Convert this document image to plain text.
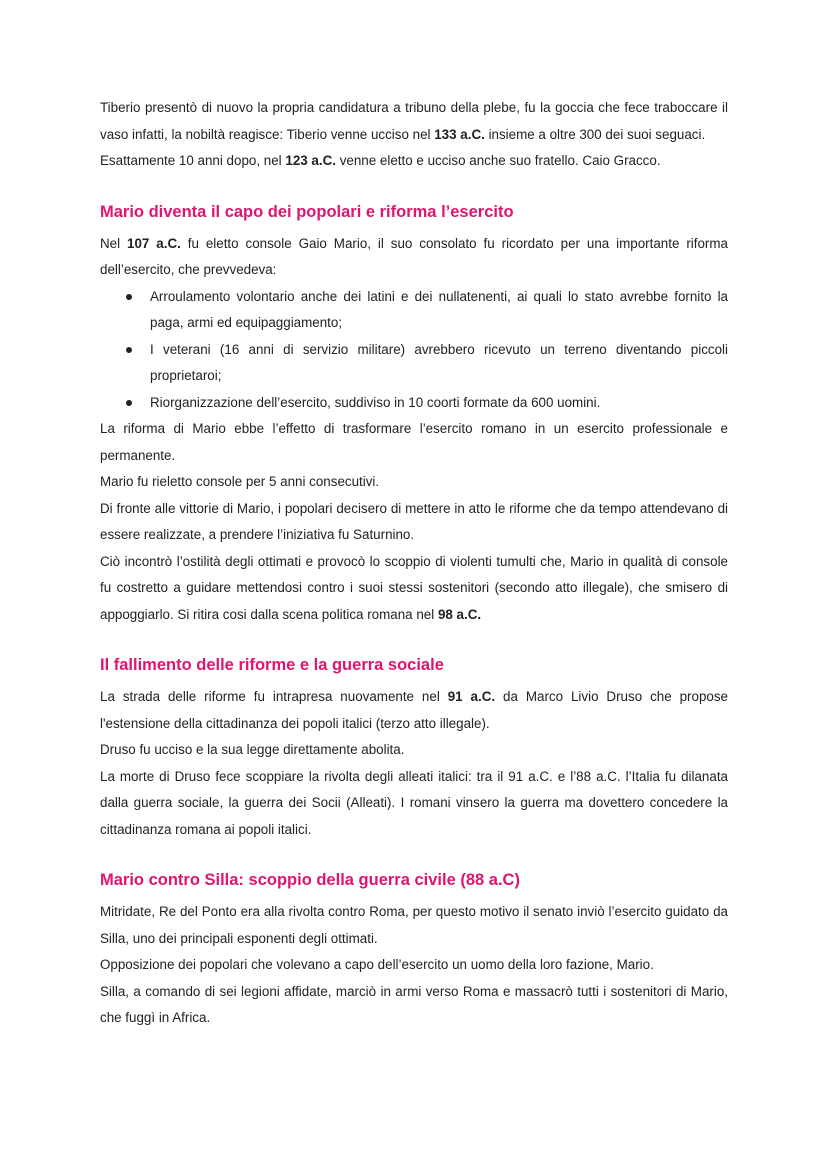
Tiberio presentò di nuovo la propria candidatura a tribuno della plebe, fu la goccia che fece traboccare il vaso infatti, la nobiltà reagisce: Tiberio venne ucciso nel 133 a.C. insieme a oltre 300 dei suoi seguaci.

Esattamente 10 anni dopo, nel 123 a.C. venne eletto e ucciso anche suo fratello. Caio Gracco.

Mario diventa il capo dei popolari e riforma l’esercito

Nel 107 a.C. fu eletto console Gaio Mario, il suo consolato fu ricordato per una importante riforma dell’esercito, che prevvedeva:

Arroulamento volontario anche dei latini e dei nullatenenti, ai quali lo stato avrebbe fornito la paga, armi ed equipaggiamento;
I veterani (16 anni di servizio militare) avrebbero ricevuto un terreno diventando piccoli proprietaroi;
Riorganizzazione dell’esercito, suddiviso in 10 coorti formate da 600 uomini.

La riforma di Mario ebbe l’effetto di trasformare l’esercito romano in un esercito professionale e permanente.

Mario fu rieletto console per 5 anni consecutivi.

Di fronte alle vittorie di Mario, i popolari decisero di mettere in atto le riforme che da tempo attendevano di essere realizzate, a prendere l’iniziativa fu Saturnino.

Ciò incontrò l’ostilità degli ottimati e provocò lo scoppio di violenti tumulti che, Mario in qualità di console fu costretto a guidare mettendosi contro i suoi stessi sostenitori (secondo atto illegale), che smisero di appoggiarlo. Si ritira cosi dalla scena politica romana nel 98 a.C.

Il fallimento delle riforme e la guerra sociale

La strada delle riforme fu intrapresa nuovamente nel 91 a.C. da Marco Livio Druso che propose l'estensione della cittadinanza dei popoli italici (terzo atto illegale).

Druso fu ucciso e la sua legge direttamente abolita.

La morte di Druso fece scoppiare la rivolta degli alleati italici: tra il 91 a.C. e l’88 a.C. l’Italia fu dilanata dalla guerra sociale, la guerra dei Socii (Alleati). I romani vinsero la guerra ma dovettero concedere la cittadinanza romana ai popoli italici.

Mario contro Silla: scoppio della guerra civile (88 a.C)

Mitridate, Re del Ponto era alla rivolta contro Roma, per questo motivo il senato inviò l’esercito guidato da Silla, uno dei principali esponenti degli ottimati.

Opposizione dei popolari che volevano a capo dell’esercito un uomo della loro fazione, Mario.

Silla, a comando di sei legioni affidate, marciò in armi verso Roma e massacrò tutti i sostenitori di Mario, che fuggì in Africa.
